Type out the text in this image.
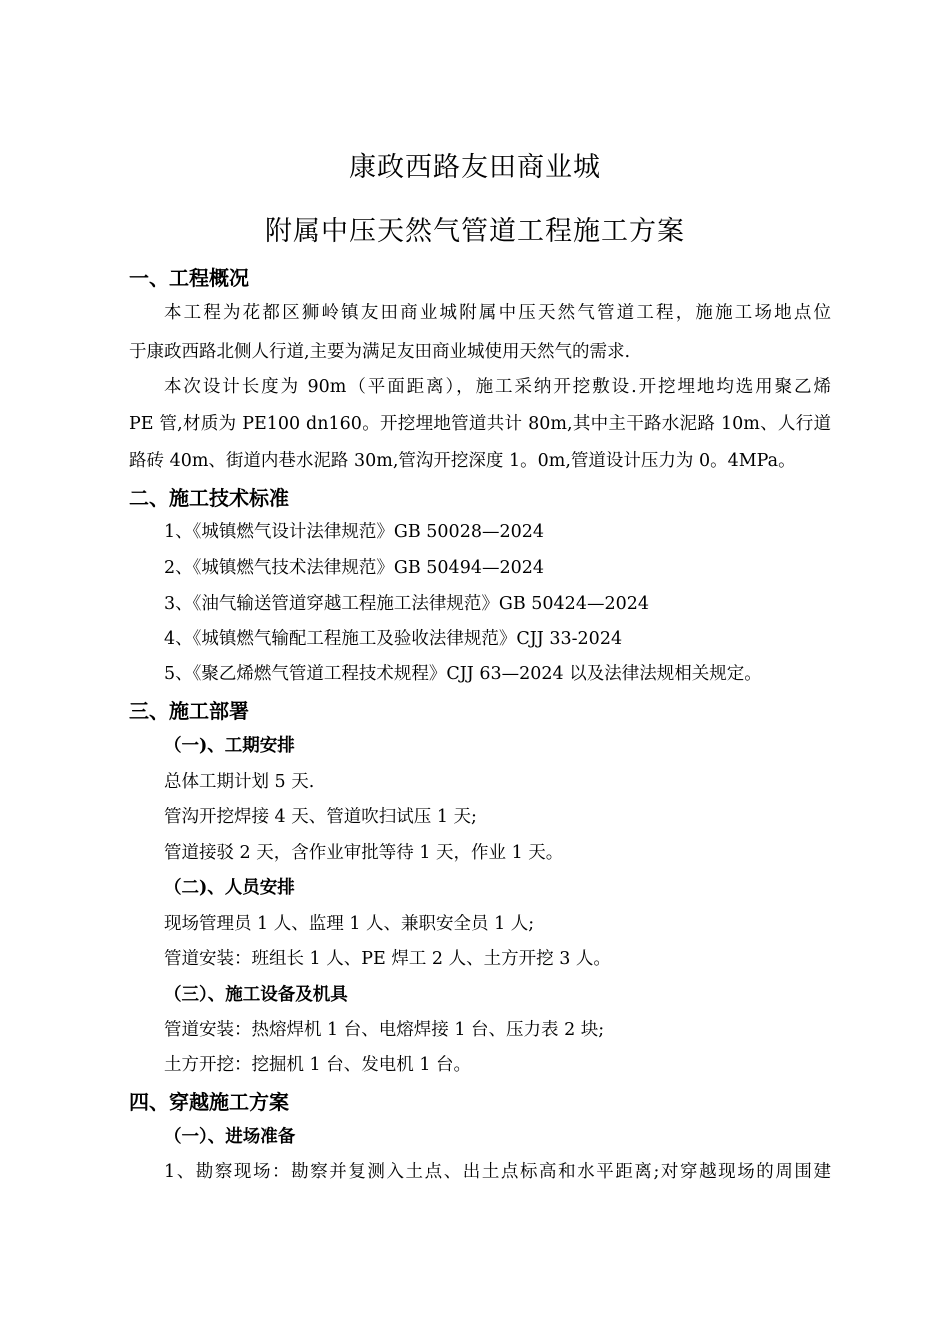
康政西路友田商业城
附属中压天然气管道工程施工方案
一、工程概况
本工程为花都区狮岭镇友田商业城附属中压天然气管道工程，施施工场地点位
于康政西路北侧人行道,主要为满足友田商业城使用天然气的需求.
本次设计长度为 90m（平面距离），施工采纳开挖敷设.开挖埋地均选用聚乙烯
PE 管,材质为 PE100 dn160。开挖埋地管道共计 80m,其中主干路水泥路 10m、人行道
路砖 40m、街道内巷水泥路 30m,管沟开挖深度 1。0m,管道设计压力为 0。4MPa。
二、施工技术标准
1、《城镇燃气设计法律规范》GB 50028—2024
2、《城镇燃气技术法律规范》GB 50494—2024
3、《油气输送管道穿越工程施工法律规范》GB 50424—2024
4、《城镇燃气输配工程施工及验收法律规范》CJJ 33-2024
5、《聚乙烯燃气管道工程技术规程》CJJ 63—2024 以及法律法规相关规定。
三、施工部署
（一)、工期安排
总体工期计划 5 天.
管沟开挖焊接 4 天、管道吹扫试压 1 天;
管道接驳 2 天，含作业审批等待 1 天，作业 1 天。
（二)、人员安排
现场管理员 1 人、监理 1 人、兼职安全员 1 人;
管道安装：班组长 1 人、PE 焊工 2 人、土方开挖 3 人。
（三）、施工设备及机具
管道安装：热熔焊机 1 台、电熔焊接 1 台、压力表 2 块;
土方开挖：挖掘机 1 台、发电机 1 台。
四、穿越施工方案
（一）、进场准备
1、勘察现场：勘察并复测入土点、出土点标高和水平距离;对穿越现场的周围建
